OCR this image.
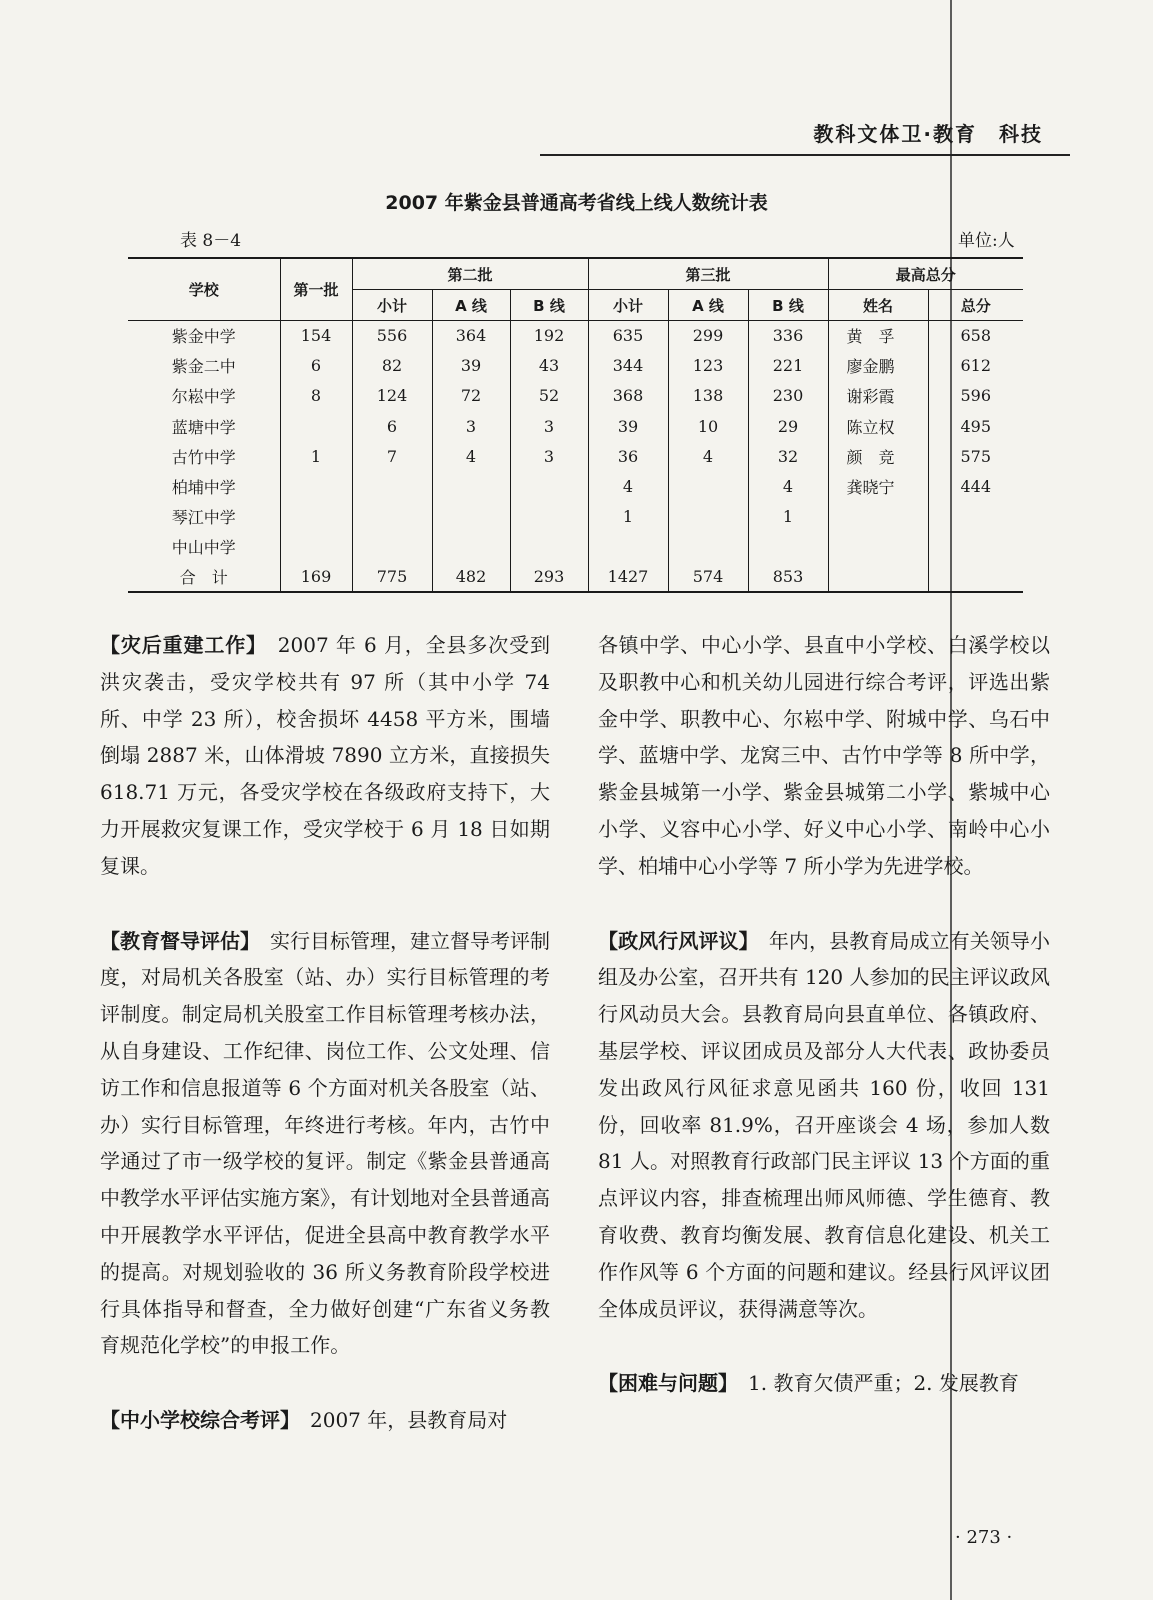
教科文体卫·教育　科技
2007 年紫金县普通高考省线上线人数统计表
表 8－4	单位:人
学校	第一批	第二批			第三批			最高总分	
		小计	A 线	B 线	小计	A 线	B 线	姓名	总分
紫金中学	154	556	364	192	635	299	336	黄　孚	658
紫金二中	6	82	39	43	344	123	221	廖金鹏	612
尔崧中学	8	124	72	52	368	138	230	谢彩霞	596
蓝塘中学		6	3	3	39	10	29	陈立权	495
古竹中学	1	7	4	3	36	4	32	颜　竞	575
柏埔中学					4		4	龚晓宁	444
琴江中学					1		1		
中山中学									
合　计	169	775	482	293	1427	574	853		

【灾后重建工作】　2007 年 6 月，全县多次受到洪灾袭击，受灾学校共有 97 所（其中小学 74 所、中学 23 所），校舍损坏 4458 平方米，围墙倒塌 2887 米，山体滑坡 7890 立方米，直接损失 618.71 万元，各受灾学校在各级政府支持下，大力开展救灾复课工作，受灾学校于 6 月 18 日如期复课。

【教育督导评估】　实行目标管理，建立督导考评制度，对局机关各股室（站、办）实行目标管理的考评制度。制定局机关股室工作目标管理考核办法，从自身建设、工作纪律、岗位工作、公文处理、信访工作和信息报道等 6 个方面对机关各股室（站、办）实行目标管理，年终进行考核。年内，古竹中学通过了市一级学校的复评。制定《紫金县普通高中教学水平评估实施方案》，有计划地对全县普通高中开展教学水平评估，促进全县高中教育教学水平的提高。对规划验收的 36 所义务教育阶段学校进行具体指导和督查，全力做好创建“广东省义务教育规范化学校”的申报工作。

【中小学校综合考评】　2007 年，县教育局对

各镇中学、中心小学、县直中小学校、白溪学校以及职教中心和机关幼儿园进行综合考评，评选出紫金中学、职教中心、尔崧中学、附城中学、乌石中学、蓝塘中学、龙窝三中、古竹中学等 8 所中学，紫金县城第一小学、紫金县城第二小学、紫城中心小学、义容中心小学、好义中心小学、南岭中心小学、柏埔中心小学等 7 所小学为先进学校。

【政风行风评议】　年内，县教育局成立有关领导小组及办公室，召开共有 120 人参加的民主评议政风行风动员大会。县教育局向县直单位、各镇政府、基层学校、评议团成员及部分人大代表、政协委员发出政风行风征求意见函共 160 份，收回 131 份，回收率 81.9%，召开座谈会 4 场，参加人数 81 人。对照教育行政部门民主评议 13 个方面的重点评议内容，排查梳理出师风师德、学生德育、教育收费、教育均衡发展、教育信息化建设、机关工作作风等 6 个方面的问题和建议。经县行风评议团全体成员评议，获得满意等次。

【困难与问题】　1. 教育欠债严重；2. 发展教育

· 273 ·
